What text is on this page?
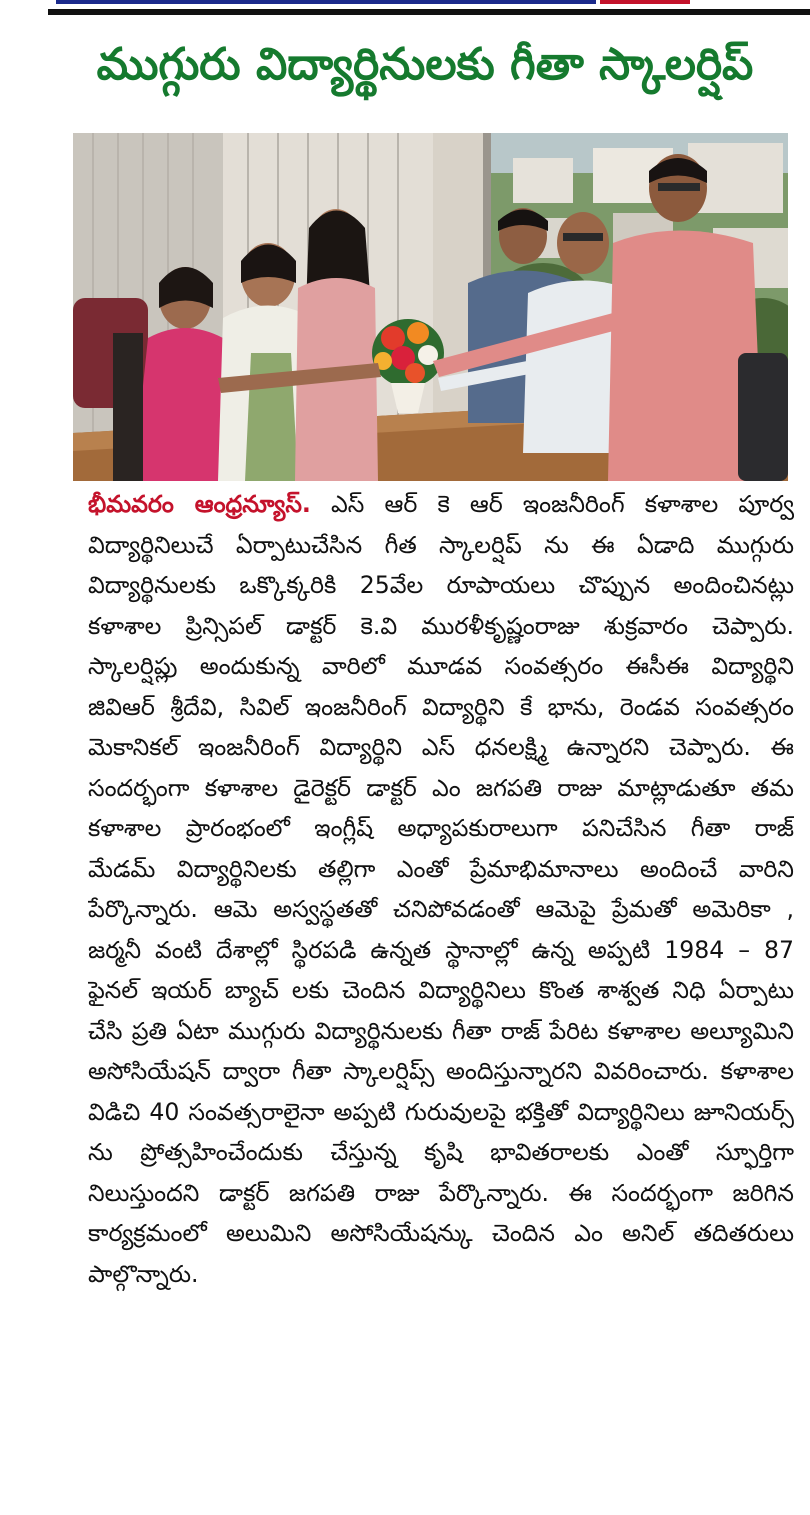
ముగ్గురు విద్యార్థినులకు గీతా స్కాలర్షిప్
భీమవరం ఆంధ్రన్యూస్. ఎస్ ఆర్ కె ఆర్ ఇంజనీరింగ్ కళాశాల పూర్వ
విద్యార్థినిలుచే ఏర్పాటుచేసిన గీత స్కాలర్షిప్ ను ఈ ఏడాది ముగ్గురు
విద్యార్థినులకు ఒక్కొక్కరికి 25వేల రూపాయలు చొప్పున అందించినట్లు
కళాశాల ప్రిన్సిపల్ డాక్టర్ కె.వి మురళీకృష్ణంరాజు శుక్రవారం చెప్పారు.
స్కాలర్షిప్లు అందుకున్న వారిలో మూడవ సంవత్సరం ఈసీఈ విద్యార్థిని
జివిఆర్ శ్రీదేవి, సివిల్ ఇంజనీరింగ్ విద్యార్థిని కే భాను, రెండవ సంవత్సరం
మెకానికల్ ఇంజనీరింగ్ విద్యార్థిని ఎస్ ధనలక్ష్మి ఉన్నారని చెప్పారు. ఈ
సందర్భంగా కళాశాల డైరెక్టర్ డాక్టర్ ఎం జగపతి రాజు మాట్లాడుతూ తమ
కళాశాల ప్రారంభంలో ఇంగ్లీష్ అధ్యాపకురాలుగా పనిచేసిన గీతా రాజ్
మేడమ్ విద్యార్థినిలకు తల్లిగా ఎంతో ప్రేమాభిమానాలు అందించే వారిని
పేర్కొన్నారు. ఆమె అస్వస్థతతో చనిపోవడంతో ఆమెపై ప్రేమతో అమెరికా ,
జర్మనీ వంటి దేశాల్లో స్థిరపడి ఉన్నత స్థానాల్లో ఉన్న అప్పటి 1984 – 87
ఫైనల్ ఇయర్ బ్యాచ్ లకు చెందిన విద్యార్థినిలు కొంత శాశ్వత నిధి ఏర్పాటు
చేసి ప్రతి ఏటా ముగ్గురు విద్యార్థినులకు గీతా రాజ్ పేరిట కళాశాల అల్యూమిని
అసోసియేషన్ ద్వారా గీతా స్కాలర్షిప్స్ అందిస్తున్నారని వివరించారు. కళాశాల
విడిచి 40 సంవత్సరాలైనా అప్పటి గురువులపై భక్తితో విద్యార్థినిలు జూనియర్స్
ను ప్రోత్సహించేందుకు చేస్తున్న కృషి భావితరాలకు ఎంతో స్ఫూర్తిగా
నిలుస్తుందని డాక్టర్ జగపతి రాజు పేర్కొన్నారు. ఈ సందర్భంగా జరిగిన
కార్యక్రమంలో అలుమిని అసోసియేషన్కు చెందిన ఎం అనిల్ తదితరులు
పాల్గొన్నారు.
